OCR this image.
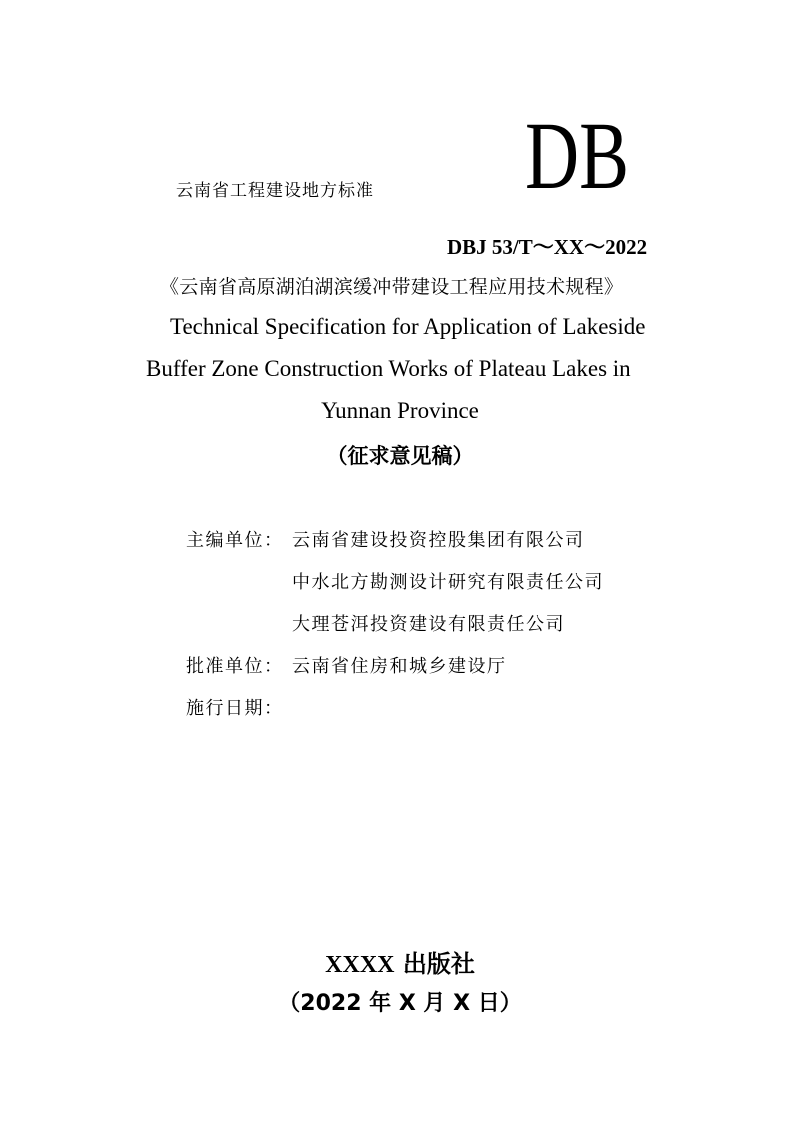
云南省工程建设地方标准 DB
DBJ 53/T～XX～2022
《云南省高原湖泊湖滨缓冲带建设工程应用技术规程》
Technical Specification for Application of Lakeside
Buffer Zone Construction Works of Plateau Lakes in
Yunnan Province
（征求意见稿）
主编单位： 云南省建设投资控股集团有限公司
中水北方勘测设计研究有限责任公司
大理苍洱投资建设有限责任公司
批准单位： 云南省住房和城乡建设厅
施行日期：
XXXX 出版社
（2022 年 X 月 X 日）
